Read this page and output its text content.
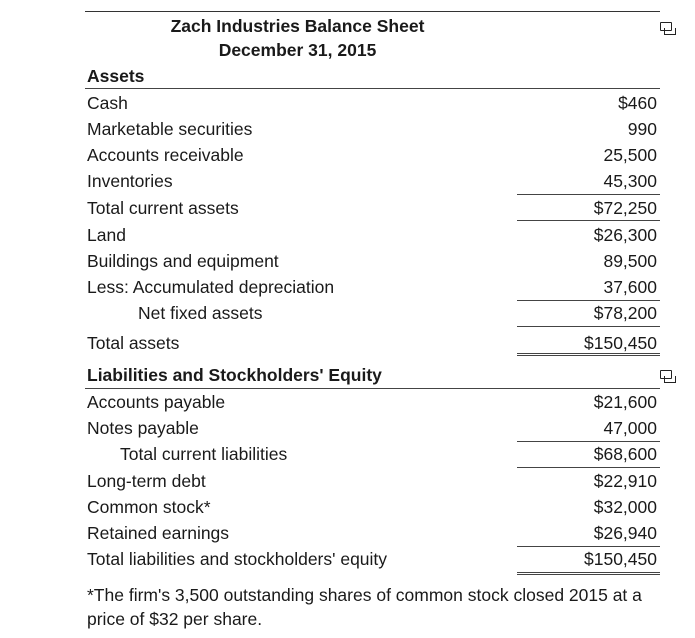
Zach Industries Balance Sheet
December 31, 2015
Assets
Cash	$460
Marketable securities	990
Accounts receivable	25,500
Inventories	45,300
Total current assets	$72,250
Land	$26,300
Buildings and equipment	89,500
Less: Accumulated depreciation	37,600
Net fixed assets	$78,200
Total assets	$150,450
Liabilities and Stockholders' Equity
Accounts payable	$21,600
Notes payable	47,000
Total current liabilities	$68,600
Long-term debt	$22,910
Common stock*	$32,000
Retained earnings	$26,940
Total liabilities and stockholders' equity	$150,450
*The firm's 3,500 outstanding shares of common stock closed 2015 at a price of $32 per share.
